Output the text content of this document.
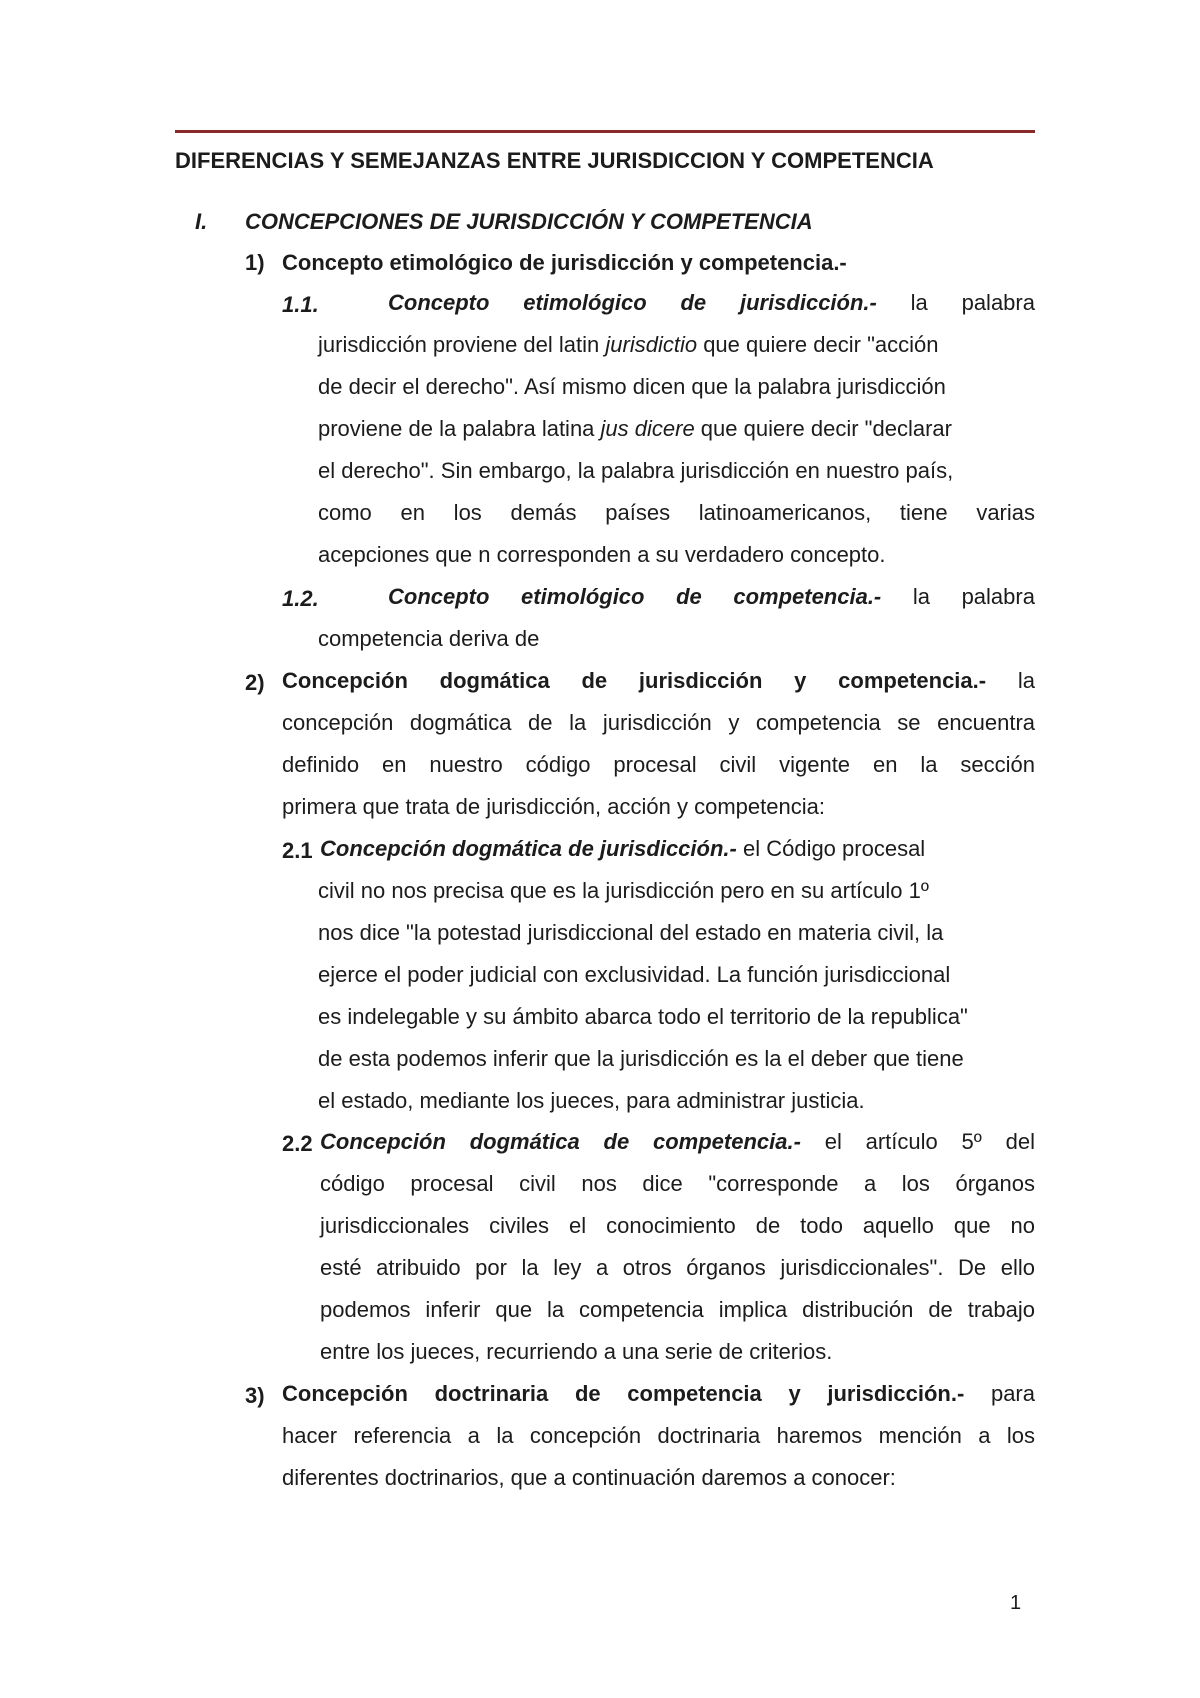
DIFERENCIAS Y SEMEJANZAS ENTRE JURISDICCION Y COMPETENCIA
I. CONCEPCIONES DE JURISDICCIÓN Y COMPETENCIA
1) Concepto etimológico de jurisdicción y competencia.-
1.1.	Concepto etimológico de jurisdicción.- la palabra
jurisdicción proviene del latin jurisdictio que quiere decir "acción
de decir el derecho". Así mismo dicen que la palabra jurisdicción
proviene de la palabra latina jus dicere que quiere decir "declarar
el derecho". Sin embargo, la palabra jurisdicción en nuestro país,
como en los demás países latinoamericanos, tiene varias
acepciones que n corresponden a su verdadero concepto.
1.2.	Concepto etimológico de competencia.- la palabra
competencia deriva de
2) Concepción dogmática de jurisdicción y competencia.- la
concepción dogmática de la jurisdicción y competencia se encuentra
definido en nuestro código procesal civil vigente en la sección
primera que trata de jurisdicción, acción y competencia:
2.1 Concepción dogmática de jurisdicción.- el Código procesal
civil no nos precisa que es la jurisdicción pero en su artículo 1º
nos dice "la potestad jurisdiccional del estado en materia civil, la
ejerce el poder judicial con exclusividad. La función jurisdiccional
es indelegable y su ámbito abarca todo el territorio de la republica"
de esta podemos inferir que la jurisdicción es la el deber que tiene
el estado, mediante los jueces, para administrar justicia.
2.2 Concepción dogmática de competencia.- el artículo 5º del
código procesal civil nos dice "corresponde a los órganos
jurisdiccionales civiles el conocimiento de todo aquello que no
esté atribuido por la ley a otros órganos jurisdiccionales". De ello
podemos inferir que la competencia implica distribución de trabajo
entre los jueces, recurriendo a una serie de criterios.
3) Concepción doctrinaria de competencia y jurisdicción.- para
hacer referencia a la concepción doctrinaria haremos mención a los
diferentes doctrinarios, que a continuación daremos a conocer:
1
